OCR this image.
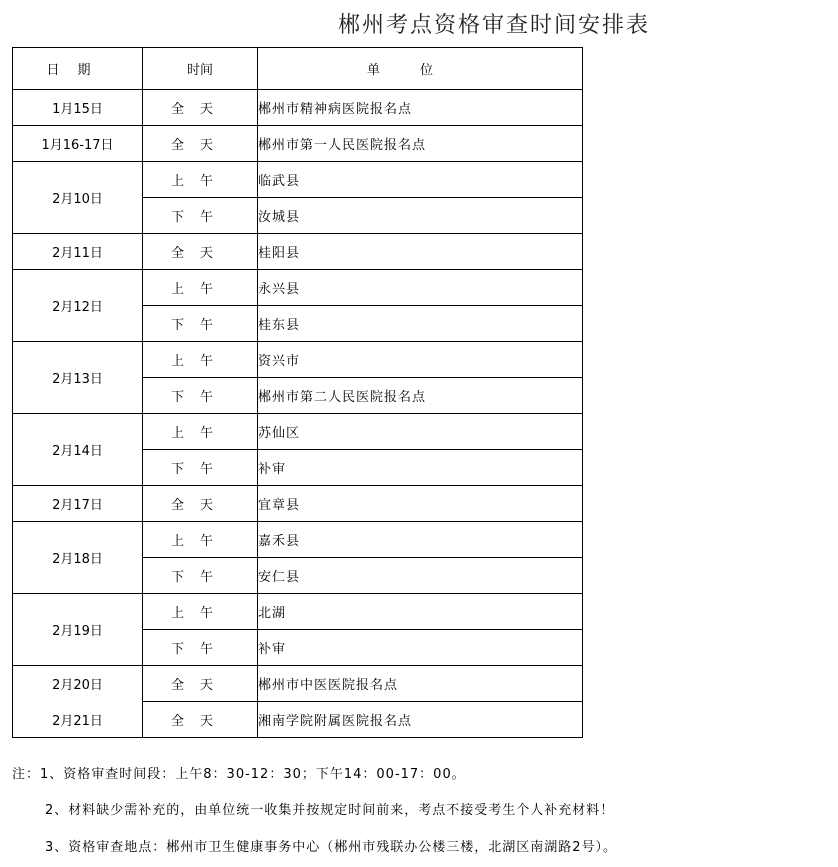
郴州考点资格审查时间安排表
日期	时间	单位
1月15日	全天	郴州市精神病医院报名点
1月16-17日	全天	郴州市第一人民医院报名点
2月10日	上午	临武县
	下午	汝城县
2月11日	全天	桂阳县
2月12日	上午	永兴县
	下午	桂东县
2月13日	上午	资兴市
	下午	郴州市第二人民医院报名点
2月14日	上午	苏仙区
	下午	补审
2月17日	全天	宜章县
2月18日	上午	嘉禾县
	下午	安仁县
2月19日	上午	北湖
	下午	补审
2月20日	全天	郴州市中医医院报名点
2月21日	全天	湘南学院附属医院报名点
注：1、资格审查时间段：上午8：30-12：30；下午14：00-17：00。
2、材料缺少需补充的，由单位统一收集并按规定时间前来，考点不接受考生个人补充材料！
3、资格审查地点：郴州市卫生健康事务中心（郴州市残联办公楼三楼，北湖区南湖路2号）。
